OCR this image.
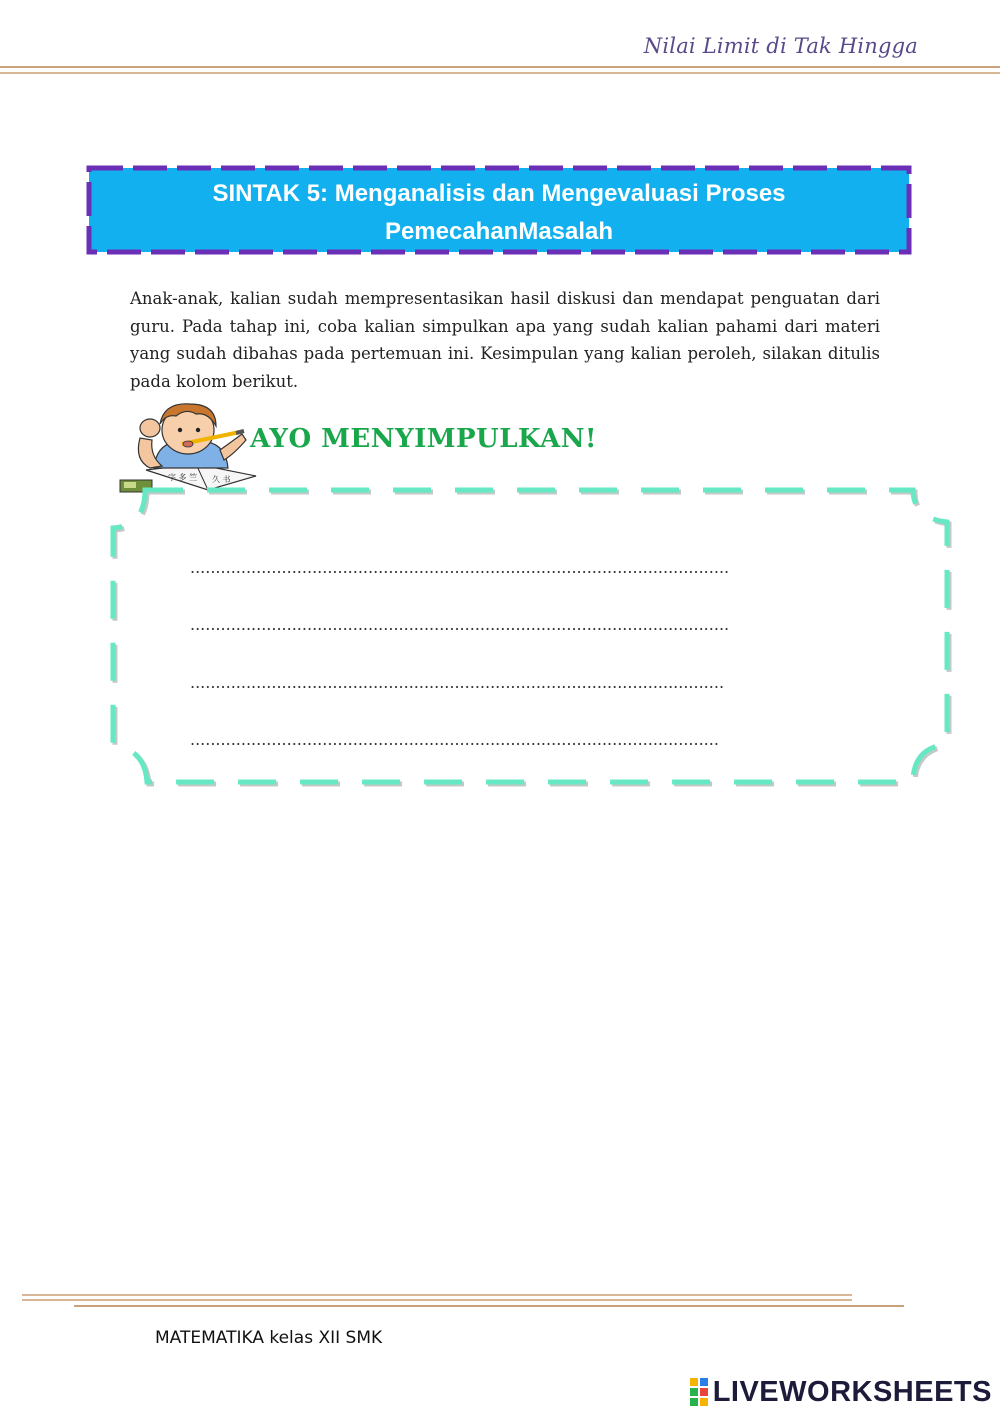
Nilai Limit di Tak Hingga
SINTAK 5: Menganalisis dan Mengevaluasi Proses
PemecahanMasalah
Anak-anak, kalian sudah mempresentasikan hasil diskusi dan mendapat penguatan dari guru. Pada tahap ini, coba kalian simpulkan apa yang sudah kalian pahami dari materi yang sudah dibahas pada pertemuan ini. Kesimpulan yang kalian peroleh, silakan ditulis pada kolom berikut.
字 多 竺 久 书
AYO MENYIMPULKAN!
..........................................................................................................
..........................................................................................................
.........................................................................................................
........................................................................................................
MATEMATIKA kelas XII SMK
LIVEWORKSHEETS
